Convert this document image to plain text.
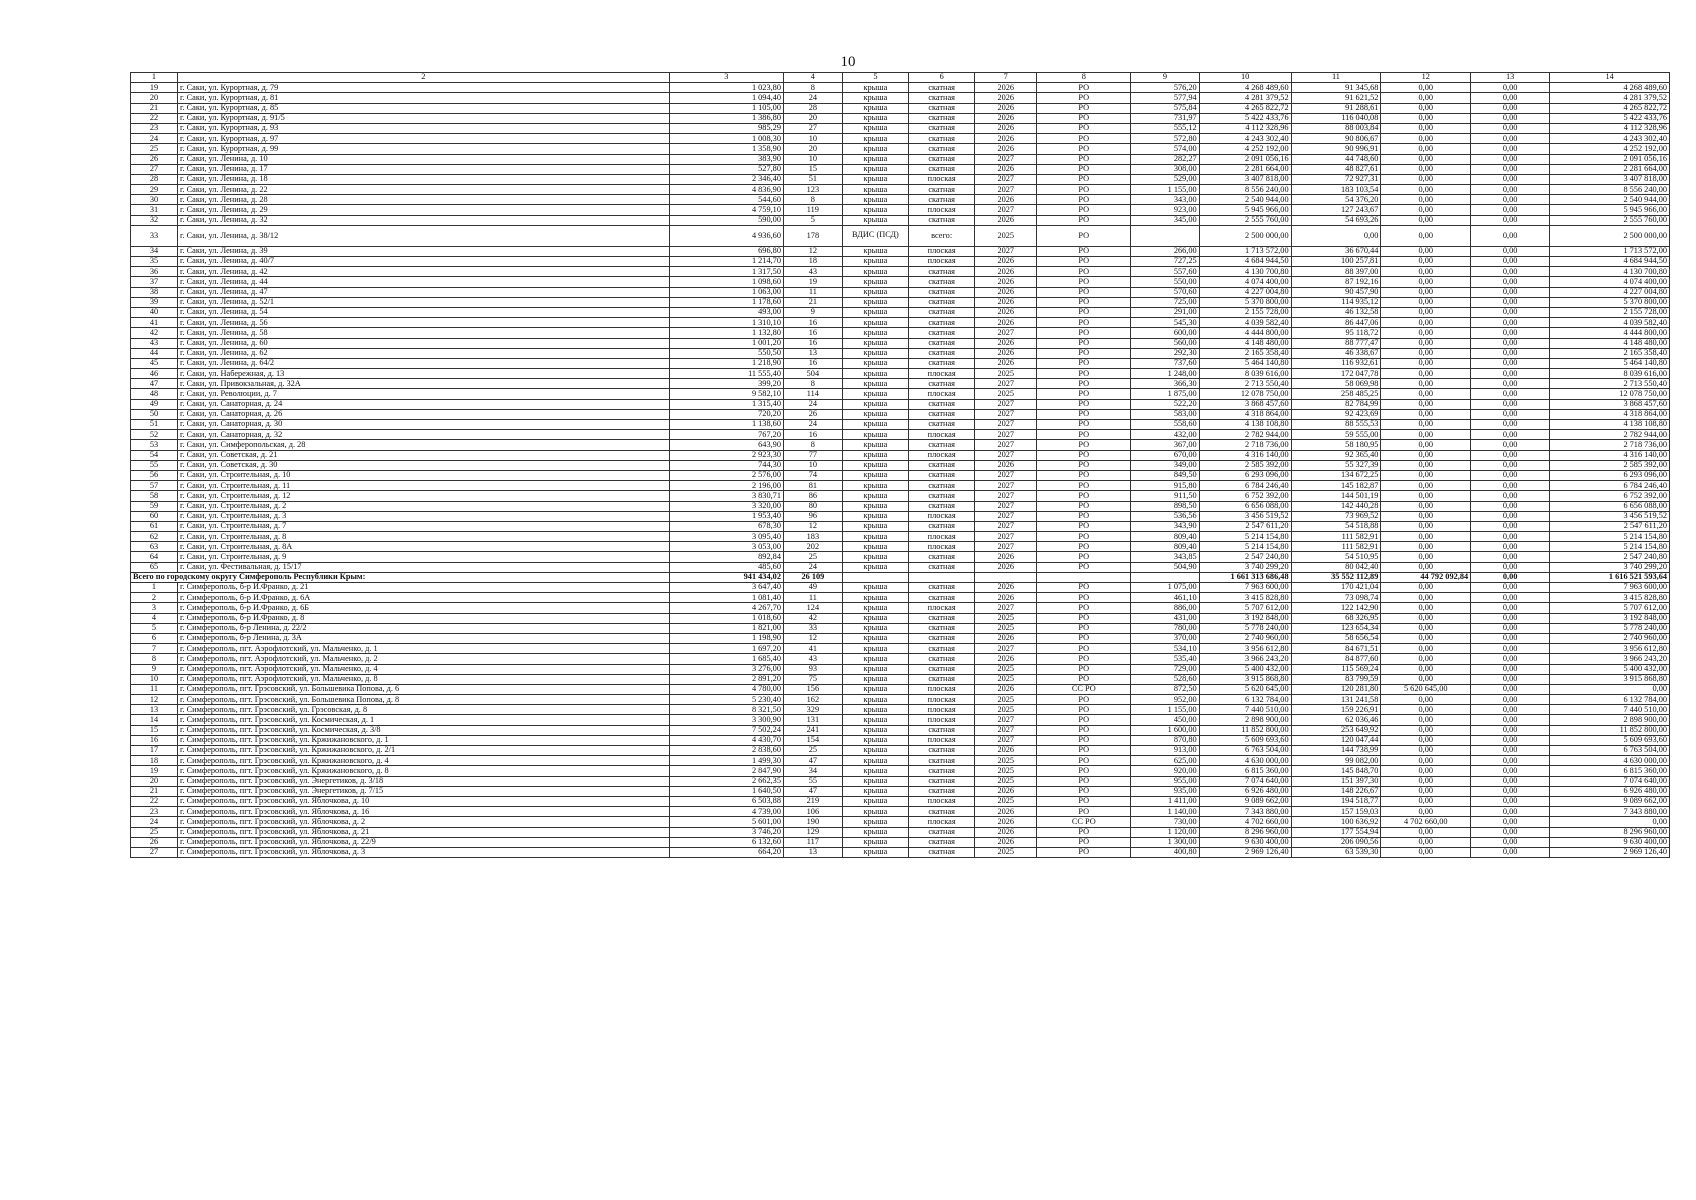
10
1	2	3	4	5	6	7	8	9	10	11	12	13	14
19	г. Саки, ул. Курортная, д. 79	1 023,80	8	крыша	скатная	2026	РО	576,20	4 268 489,60	91 345,68	0,00	0,00	4 268 489,60
20	г. Саки, ул. Курортная, д. 81	1 094,40	24	крыша	скатная	2026	РО	577,94	4 281 379,52	91 621,52	0,00	0,00	4 281 379,52
21	г. Саки, ул. Курортная, д. 85	1 105,00	28	крыша	скатная	2026	РО	575,84	4 265 822,72	91 288,61	0,00	0,00	4 265 822,72
22	г. Саки, ул. Курортная, д. 91/5	1 386,80	20	крыша	скатная	2026	РО	731,97	5 422 433,76	116 040,08	0,00	0,00	5 422 433,76
23	г. Саки, ул. Курортная, д. 93	985,29	27	крыша	скатная	2026	РО	555,12	4 112 328,96	88 003,84	0,00	0,00	4 112 328,96
24	г. Саки, ул. Курортная, д. 97	1 008,30	10	крыша	скатная	2026	РО	572,80	4 243 302,40	90 806,67	0,00	0,00	4 243 302,40
25	г. Саки, ул. Курортная, д. 99	1 358,90	20	крыша	скатная	2026	РО	574,00	4 252 192,00	90 996,91	0,00	0,00	4 252 192,00
26	г. Саки, ул. Ленина, д. 10	383,90	10	крыша	скатная	2027	РО	282,27	2 091 056,16	44 748,60	0,00	0,00	2 091 056,16
27	г. Саки, ул. Ленина, д. 17	527,80	15	крыша	скатная	2026	РО	308,00	2 281 664,00	48 827,61	0,00	0,00	2 281 664,00
28	г. Саки, ул. Ленина, д. 18	2 346,40	51	крыша	плоская	2027	РО	529,00	3 407 818,00	72 927,31	0,00	0,00	3 407 818,00
29	г. Саки, ул. Ленина, д. 22	4 836,90	123	крыша	скатная	2027	РО	1 155,00	8 556 240,00	183 103,54	0,00	0,00	8 556 240,00
30	г. Саки, ул. Ленина, д. 28	544,60	8	крыша	скатная	2026	РО	343,00	2 540 944,00	54 376,20	0,00	0,00	2 540 944,00
31	г. Саки, ул. Ленина, д. 29	4 759,10	119	крыша	плоская	2027	РО	923,00	5 945 966,00	127 243,67	0,00	0,00	5 945 966,00
32	г. Саки, ул. Ленина, д. 32	590,00	5	крыша	скатная	2026	РО	345,00	2 555 760,00	54 693,26	0,00	0,00	2 555 760,00
33	г. Саки, ул. Ленина, д. 38/12	4 936,60	178	ВДИС (ПСД)	всего:	2025	РО		2 500 000,00	0,00	0,00	0,00	2 500 000,00
34	г. Саки, ул. Ленина, д. 39	696,80	12	крыша	плоская	2027	РО	266,00	1 713 572,00	36 670,44	0,00	0,00	1 713 572,00
35	г. Саки, ул. Ленина, д. 40/7	1 214,70	18	крыша	плоская	2026	РО	727,25	4 684 944,50	100 257,81	0,00	0,00	4 684 944,50
36	г. Саки, ул. Ленина, д. 42	1 317,50	43	крыша	скатная	2026	РО	557,60	4 130 700,80	88 397,00	0,00	0,00	4 130 700,80
37	г. Саки, ул. Ленина, д. 44	1 098,60	19	крыша	скатная	2026	РО	550,00	4 074 400,00	87 192,16	0,00	0,00	4 074 400,00
38	г. Саки, ул. Ленина, д. 47	1 063,00	11	крыша	скатная	2026	РО	570,60	4 227 004,80	90 457,90	0,00	0,00	4 227 004,80
39	г. Саки, ул. Ленина, д. 52/1	1 178,60	21	крыша	скатная	2026	РО	725,00	5 370 800,00	114 935,12	0,00	0,00	5 370 800,00
40	г. Саки, ул. Ленина, д. 54	493,00	9	крыша	скатная	2026	РО	291,00	2 155 728,00	46 132,58	0,00	0,00	2 155 728,00
41	г. Саки, ул. Ленина, д. 56	1 310,10	16	крыша	скатная	2026	РО	545,30	4 039 582,40	86 447,06	0,00	0,00	4 039 582,40
42	г. Саки, ул. Ленина, д. 58	1 132,80	16	крыша	скатная	2027	РО	600,00	4 444 800,00	95 118,72	0,00	0,00	4 444 800,00
43	г. Саки, ул. Ленина, д. 60	1 001,20	16	крыша	скатная	2026	РО	560,00	4 148 480,00	88 777,47	0,00	0,00	4 148 480,00
44	г. Саки, ул. Ленина, д. 62	550,50	13	крыша	скатная	2026	РО	292,30	2 165 358,40	46 338,67	0,00	0,00	2 165 358,40
45	г. Саки, ул. Ленина, д. 64/2	1 218,90	16	крыша	скатная	2026	РО	737,60	5 464 140,80	116 932,61	0,00	0,00	5 464 140,80
46	г. Саки, ул. Набережная, д. 13	11 555,40	504	крыша	плоская	2025	РО	1 248,00	8 039 616,00	172 047,78	0,00	0,00	8 039 616,00
47	г. Саки, ул. Привокзальная, д. 32А	399,20	8	крыша	скатная	2027	РО	366,30	2 713 550,40	58 069,98	0,00	0,00	2 713 550,40
48	г. Саки, ул. Революции, д. 7	9 582,10	114	крыша	плоская	2025	РО	1 875,00	12 078 750,00	258 485,25	0,00	0,00	12 078 750,00
49	г. Саки, ул. Санаторная, д. 24	1 315,40	24	крыша	скатная	2027	РО	522,20	3 868 457,60	82 784,99	0,00	0,00	3 868 457,60
50	г. Саки, ул. Санаторная, д. 26	720,20	26	крыша	скатная	2027	РО	583,00	4 318 864,00	92 423,69	0,00	0,00	4 318 864,00
51	г. Саки, ул. Санаторная, д. 30	1 138,60	24	крыша	скатная	2027	РО	558,60	4 138 108,80	88 555,53	0,00	0,00	4 138 108,80
52	г. Саки, ул. Санаторная, д. 32	767,20	16	крыша	плоская	2027	РО	432,00	2 782 944,00	59 555,00	0,00	0,00	2 782 944,00
53	г. Саки, ул. Симферопольская, д. 28	643,90	8	крыша	скатная	2027	РО	367,00	2 718 736,00	58 180,95	0,00	0,00	2 718 736,00
54	г. Саки, ул. Советская, д. 21	2 923,30	77	крыша	плоская	2027	РО	670,00	4 316 140,00	92 365,40	0,00	0,00	4 316 140,00
55	г. Саки, ул. Советская, д. 30	744,30	10	крыша	скатная	2026	РО	349,00	2 585 392,00	55 327,39	0,00	0,00	2 585 392,00
56	г. Саки, ул. Строительная, д. 10	2 576,00	74	крыша	скатная	2027	РО	849,50	6 293 096,00	134 672,25	0,00	0,00	6 293 096,00
57	г. Саки, ул. Строительная, д. 11	2 196,00	81	крыша	скатная	2027	РО	915,80	6 784 246,40	145 182,87	0,00	0,00	6 784 246,40
58	г. Саки, ул. Строительная, д. 12	3 830,71	86	крыша	скатная	2027	РО	911,50	6 752 392,00	144 501,19	0,00	0,00	6 752 392,00
59	г. Саки, ул. Строительная, д. 2	3 320,00	80	крыша	скатная	2027	РО	898,50	6 656 088,00	142 440,28	0,00	0,00	6 656 088,00
60	г. Саки, ул. Строительная, д. 3	1 953,40	96	крыша	плоская	2027	РО	536,56	3 456 519,52	73 969,52	0,00	0,00	3 456 519,52
61	г. Саки, ул. Строительная, д. 7	678,30	12	крыша	скатная	2027	РО	343,90	2 547 611,20	54 518,88	0,00	0,00	2 547 611,20
62	г. Саки, ул. Строительная, д. 8	3 095,40	183	крыша	плоская	2027	РО	809,40	5 214 154,80	111 582,91	0,00	0,00	5 214 154,80
63	г. Саки, ул. Строительная, д. 8А	3 053,00	202	крыша	плоская	2027	РО	809,40	5 214 154,80	111 582,91	0,00	0,00	5 214 154,80
64	г. Саки, ул. Строительная, д. 9	892,84	25	крыша	скатная	2026	РО	343,85	2 547 240,80	54 510,95	0,00	0,00	2 547 240,80
65	г. Саки, ул. Фестивальная, д. 15/17	485,60	24	крыша	скатная	2026	РО	504,90	3 740 299,20	80 042,40	0,00	0,00	3 740 299,20
Всего по городскому округу Симферополь Республики Крым:		941 434,02	26 109						1 661 313 686,48	35 552 112,89	44 792 092,84	0,00	1 616 521 593,64
1	г. Симферополь, б-р И.Франко, д. 21	3 647,40	49	крыша	скатная	2026	РО	1 075,00	7 963 600,00	170 421,04	0,00	0,00	7 963 600,00
2	г. Симферополь, б-р И.Франко, д. 6А	1 081,40	11	крыша	скатная	2026	РО	461,10	3 415 828,80	73 098,74	0,00	0,00	3 415 828,80
3	г. Симферополь, б-р И.Франко, д. 6Б	4 267,70	124	крыша	плоская	2027	РО	886,00	5 707 612,00	122 142,90	0,00	0,00	5 707 612,00
4	г. Симферополь, б-р И.Франко, д. 8	1 018,60	42	крыша	скатная	2025	РО	431,00	3 192 848,00	68 326,95	0,00	0,00	3 192 848,00
5	г. Симферополь, б-р Ленина, д. 22/2	1 821,00	33	крыша	скатная	2025	РО	780,00	5 778 240,00	123 654,34	0,00	0,00	5 778 240,00
6	г. Симферополь, б-р Ленина, д. 3А	1 198,90	12	крыша	скатная	2026	РО	370,00	2 740 960,00	58 656,54	0,00	0,00	2 740 960,00
7	г. Симферополь, пгт. Аэрофлотский, ул. Мальченко, д. 1	1 697,20	41	крыша	скатная	2027	РО	534,10	3 956 612,80	84 671,51	0,00	0,00	3 956 612,80
8	г. Симферополь, пгт. Аэрофлотский, ул. Мальченко, д. 2	1 685,40	43	крыша	скатная	2026	РО	535,40	3 966 243,20	84 877,60	0,00	0,00	3 966 243,20
9	г. Симферополь, пгт. Аэрофлотский, ул. Мальченко, д. 4	3 276,00	93	крыша	скатная	2025	РО	729,00	5 400 432,00	115 569,24	0,00	0,00	5 400 432,00
10	г. Симферополь, пгт. Аэрофлотский, ул. Мальченко, д. 8	2 891,20	75	крыша	скатная	2025	РО	528,60	3 915 868,80	83 799,59	0,00	0,00	3 915 868,80
11	г. Симферополь, пгт. Грэсовский, ул. Большевика Попова, д. 6	4 780,00	156	крыша	плоская	2026	СС РО	872,50	5 620 645,00	120 281,80	5 620 645,00	0,00	0,00
12	г. Симферополь, пгт. Грэсовский, ул. Большевика Попова, д. 8	5 230,40	162	крыша	плоская	2025	РО	952,00	6 132 784,00	131 241,58	0,00	0,00	6 132 784,00
13	г. Симферополь, пгт. Грэсовский, ул. Грэсовская, д. 8	8 321,50	329	крыша	плоская	2025	РО	1 155,00	7 440 510,00	159 226,91	0,00	0,00	7 440 510,00
14	г. Симферополь, пгт. Грэсовский, ул. Космическая, д. 1	3 300,90	131	крыша	плоская	2027	РО	450,00	2 898 900,00	62 036,46	0,00	0,00	2 898 900,00
15	г. Симферополь, пгт. Грэсовский, ул. Космическая, д. 3/8	7 502,24	241	крыша	скатная	2027	РО	1 600,00	11 852 800,00	253 649,92	0,00	0,00	11 852 800,00
16	г. Симферополь, пгт. Грэсовский, ул. Кржижановского, д. 1	4 430,70	154	крыша	плоская	2027	РО	870,80	5 609 693,60	120 047,44	0,00	0,00	5 609 693,60
17	г. Симферополь, пгт. Грэсовский, ул. Кржижановского, д. 2/1	2 838,60	25	крыша	скатная	2026	РО	913,00	6 763 504,00	144 738,99	0,00	0,00	6 763 504,00
18	г. Симферополь, пгт. Грэсовский, ул. Кржижановского, д. 4	1 499,30	47	крыша	скатная	2025	РО	625,00	4 630 000,00	99 082,00	0,00	0,00	4 630 000,00
19	г. Симферополь, пгт. Грэсовский, ул. Кржижановского, д. 8	2 847,90	34	крыша	скатная	2025	РО	920,00	6 815 360,00	145 848,70	0,00	0,00	6 815 360,00
20	г. Симферополь, пгт. Грэсовский, ул. Энергетиков, д. 3/18	2 662,35	55	крыша	скатная	2025	РО	955,00	7 074 640,00	151 397,30	0,00	0,00	7 074 640,00
21	г. Симферополь, пгт. Грэсовский, ул. Энергетиков, д. 7/15	1 640,50	47	крыша	скатная	2026	РО	935,00	6 926 480,00	148 226,67	0,00	0,00	6 926 480,00
22	г. Симферополь, пгт. Грэсовский, ул. Яблочкова, д. 10	6 503,88	219	крыша	плоская	2025	РО	1 411,00	9 089 662,00	194 518,77	0,00	0,00	9 089 662,00
23	г. Симферополь, пгт. Грэсовский, ул. Яблочкова, д. 16	4 739,00	106	крыша	скатная	2026	РО	1 140,00	7 343 880,00	157 159,03	0,00	0,00	7 343 880,00
24	г. Симферополь, пгт. Грэсовский, ул. Яблочкова, д. 2	5 601,00	190	крыша	плоская	2026	СС РО	730,00	4 702 660,00	100 636,92	4 702 660,00	0,00	0,00
25	г. Симферополь, пгт. Грэсовский, ул. Яблочкова, д. 21	3 746,20	129	крыша	скатная	2026	РО	1 120,00	8 296 960,00	177 554,94	0,00	0,00	8 296 960,00
26	г. Симферополь, пгт. Грэсовский, ул. Яблочкова, д. 22/9	6 132,60	117	крыша	скатная	2026	РО	1 300,00	9 630 400,00	206 090,56	0,00	0,00	9 630 400,00
27	г. Симферополь, пгт. Грэсовский, ул. Яблочкова, д. 3	664,20	13	крыша	скатная	2025	РО	400,80	2 969 126,40	63 539,30	0,00	0,00	2 969 126,40
